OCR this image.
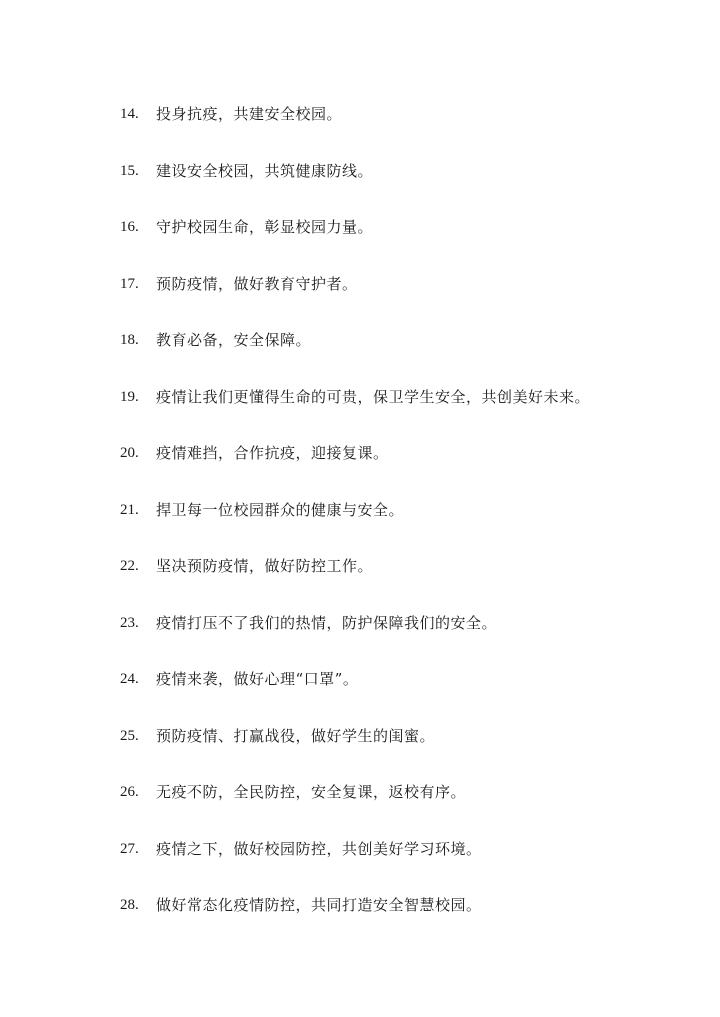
14.	投身抗疫，共建安全校园。
15.	建设安全校园，共筑健康防线。
16.	守护校园生命，彰显校园力量。
17.	预防疫情，做好教育守护者。
18.	教育必备，安全保障。
19.	疫情让我们更懂得生命的可贵，保卫学生安全，共创美好未来。
20.	疫情难挡，合作抗疫，迎接复课。
21.	捍卫每一位校园群众的健康与安全。
22.	坚决预防疫情，做好防控工作。
23.	疫情打压不了我们的热情，防护保障我们的安全。
24.	疫情来袭，做好心理“口罩”。
25.	预防疫情、打赢战役，做好学生的闺蜜。
26.	无疫不防，全民防控，安全复课，返校有序。
27.	疫情之下，做好校园防控，共创美好学习环境。
28.	做好常态化疫情防控，共同打造安全智慧校园。
